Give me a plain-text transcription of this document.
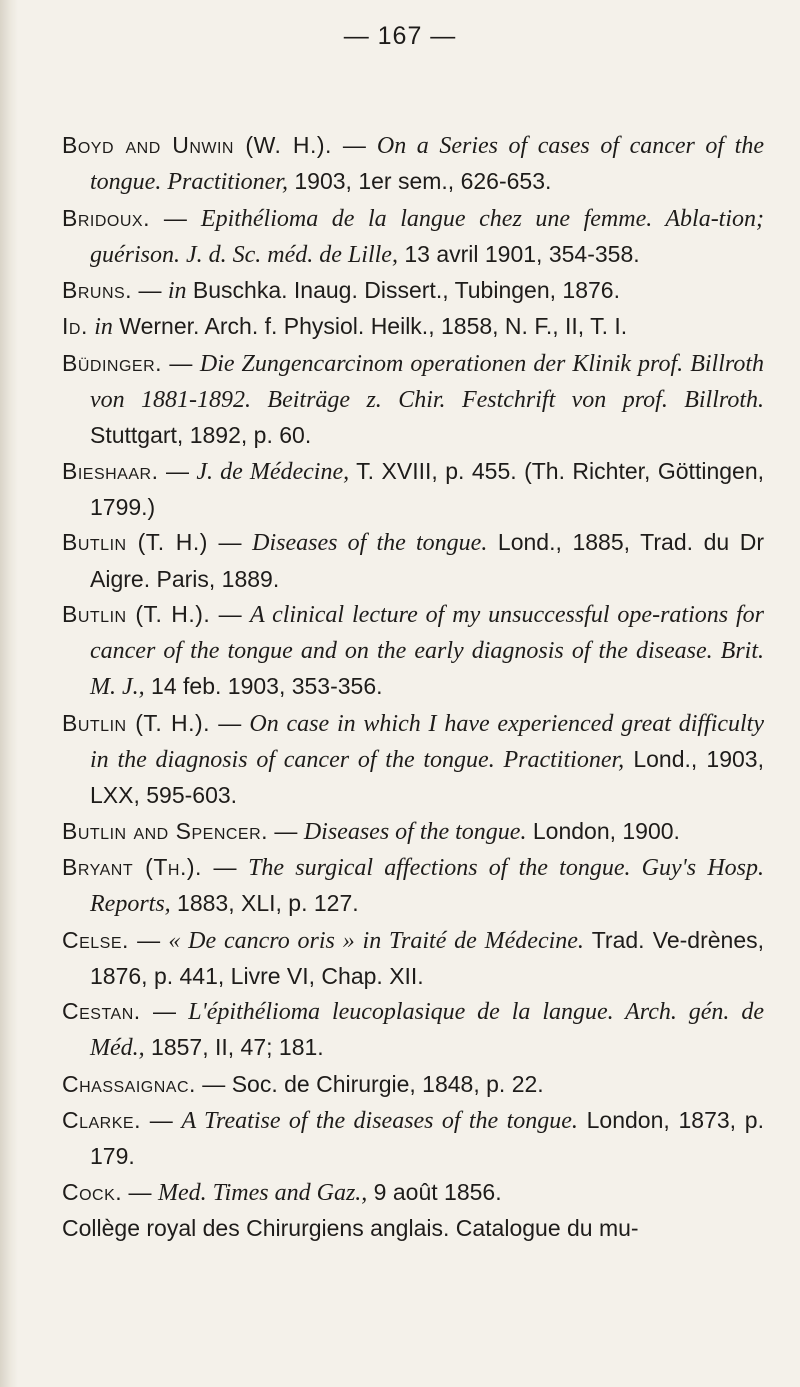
— 167 —

Boyd and Unwin (W. H.). — On a Series of cases of cancer of the tongue. Practitioner, 1903, 1er sem., 626-653.

Bridoux. — Epithélioma de la langue chez une femme. Abla-tion; guérison. J. d. Sc. méd. de Lille, 13 avril 1901, 354-358.

Bruns. — in Buschka. Inaug. Dissert., Tubingen, 1876.

Id. in Werner. Arch. f. Physiol. Heilk., 1858, N. F., II, T. I.

Büdinger. — Die Zungencarcinom operationen der Klinik prof. Billroth von 1881-1892. Beiträge z. Chir. Festchrift von prof. Billroth. Stuttgart, 1892, p. 60.

Bieshaar. — J. de Médecine, T. XVIII, p. 455. (Th. Richter, Göttingen, 1799.)

Butlin (T. H.) — Diseases of the tongue. Lond., 1885, Trad. du Dr Aigre. Paris, 1889.

Butlin (T. H.). — A clinical lecture of my unsuccessful ope-rations for cancer of the tongue and on the early diagnosis of the disease. Brit. M. J., 14 feb. 1903, 353-356.

Butlin (T. H.). — On case in which I have experienced great difficulty in the diagnosis of cancer of the tongue. Practitioner, Lond., 1903, LXX, 595-603.

Butlin and Spencer. — Diseases of the tongue. London, 1900.

Bryant (Th.). — The surgical affections of the tongue. Guy's Hosp. Reports, 1883, XLI, p. 127.

Celse. — « De cancro oris » in Traité de Médecine. Trad. Ve-drènes, 1876, p. 441, Livre VI, Chap. XII.

Cestan. — L'épithélioma leucoplasique de la langue. Arch. gén. de Méd., 1857, II, 47; 181.

Chassaignac. — Soc. de Chirurgie, 1848, p. 22.

Clarke. — A Treatise of the diseases of the tongue. London, 1873, p. 179.

Cock. — Med. Times and Gaz., 9 août 1856.

Collège royal des Chirurgiens anglais. Catalogue du mu-
